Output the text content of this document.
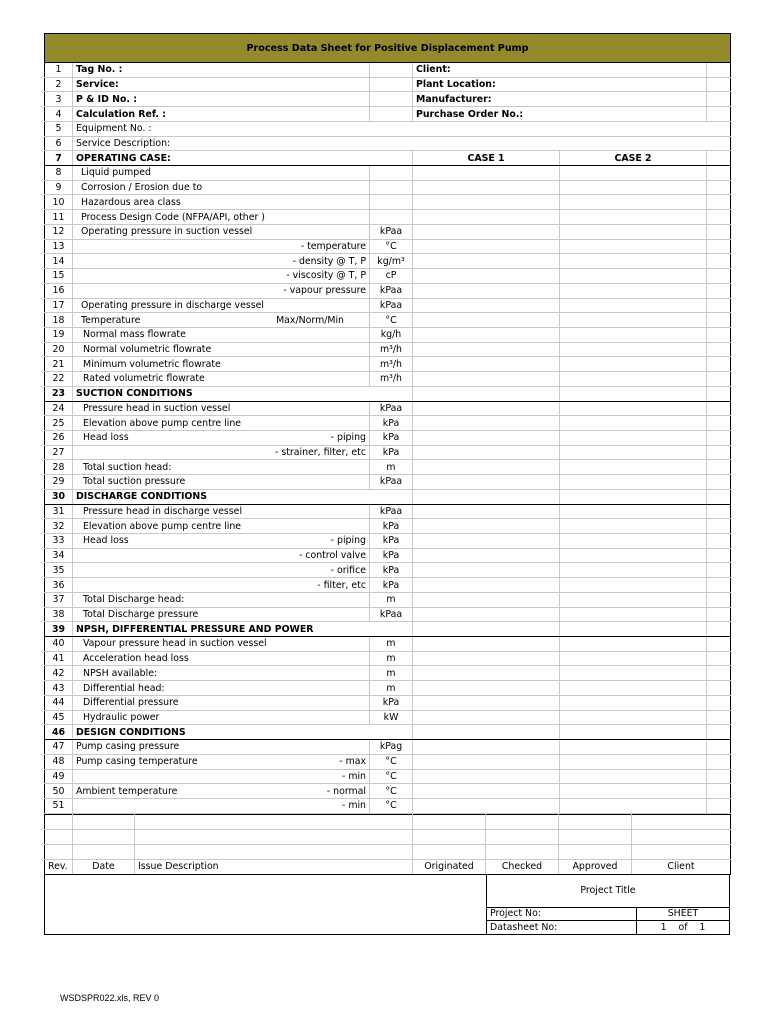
Process Data Sheet for Positive Displacement Pump					
1	Tag No. :		Client:		
2	Service:		Plant Location:		
3	P & ID No. :		Manufacturer:		
4	Calculation Ref. :		Purchase Order No.:		
5	Equipment No. :				
6	Service Description:				
7	OPERATING CASE:		CASE 1	CASE 2	
8	Liquid pumped				
9	Corrosion / Erosion due to				
10	Hazardous area class				
11	Process Design Code (NFPA/API, other )				
12	Operating pressure in suction vessel	kPaa			
13	- temperature	°C			
14	- density @ T, P	kg/m³			
15	- viscosity @ T, P	cP			
16	- vapour pressure	kPaa			
17	Operating pressure in discharge vessel	kPaa			
18	Temperature Max/Norm/Min	°C			
19	Normal mass flowrate	kg/h			
20	Normal volumetric flowrate	m³/h			
21	Minimum volumetric flowrate	m³/h			
22	Rated volumetric flowrate	m³/h			
23	SUCTION CONDITIONS				
24	Pressure head in suction vessel	kPaa			
25	Elevation above pump centre line	kPa			
26	Head loss - piping	kPa			
27	- strainer, filter, etc	kPa			
28	Total suction head:	m			
29	Total suction pressure	kPaa			
30	DISCHARGE CONDITIONS				
31	Pressure head in discharge vessel	kPaa			
32	Elevation above pump centre line	kPa			
33	Head loss - piping	kPa			
34	- control valve	kPa			
35	- orifice	kPa			
36	- filter, etc	kPa			
37	Total Discharge head:	m			
38	Total Discharge pressure	kPaa			
39	NPSH, DIFFERENTIAL PRESSURE AND POWER				
40	Vapour pressure head in suction vessel	m			
41	Acceleration head loss	m			
42	NPSH available:	m			
43	Differential head:	m			
44	Differential pressure	kPa			
45	Hydraulic power	kW			
46	DESIGN CONDITIONS				
47	Pump casing pressure	kPag			
48	Pump casing temperature - max	°C			
49	- min	°C			
50	Ambient temperature - normal	°C			
51	- min	°C			

Rev.	Date	Issue Description	Originated	Checked	Approved	Client
Project Title
Project No:	SHEET
Datasheet No:	1    of    1
WSDSPR022.xls, REV 0
